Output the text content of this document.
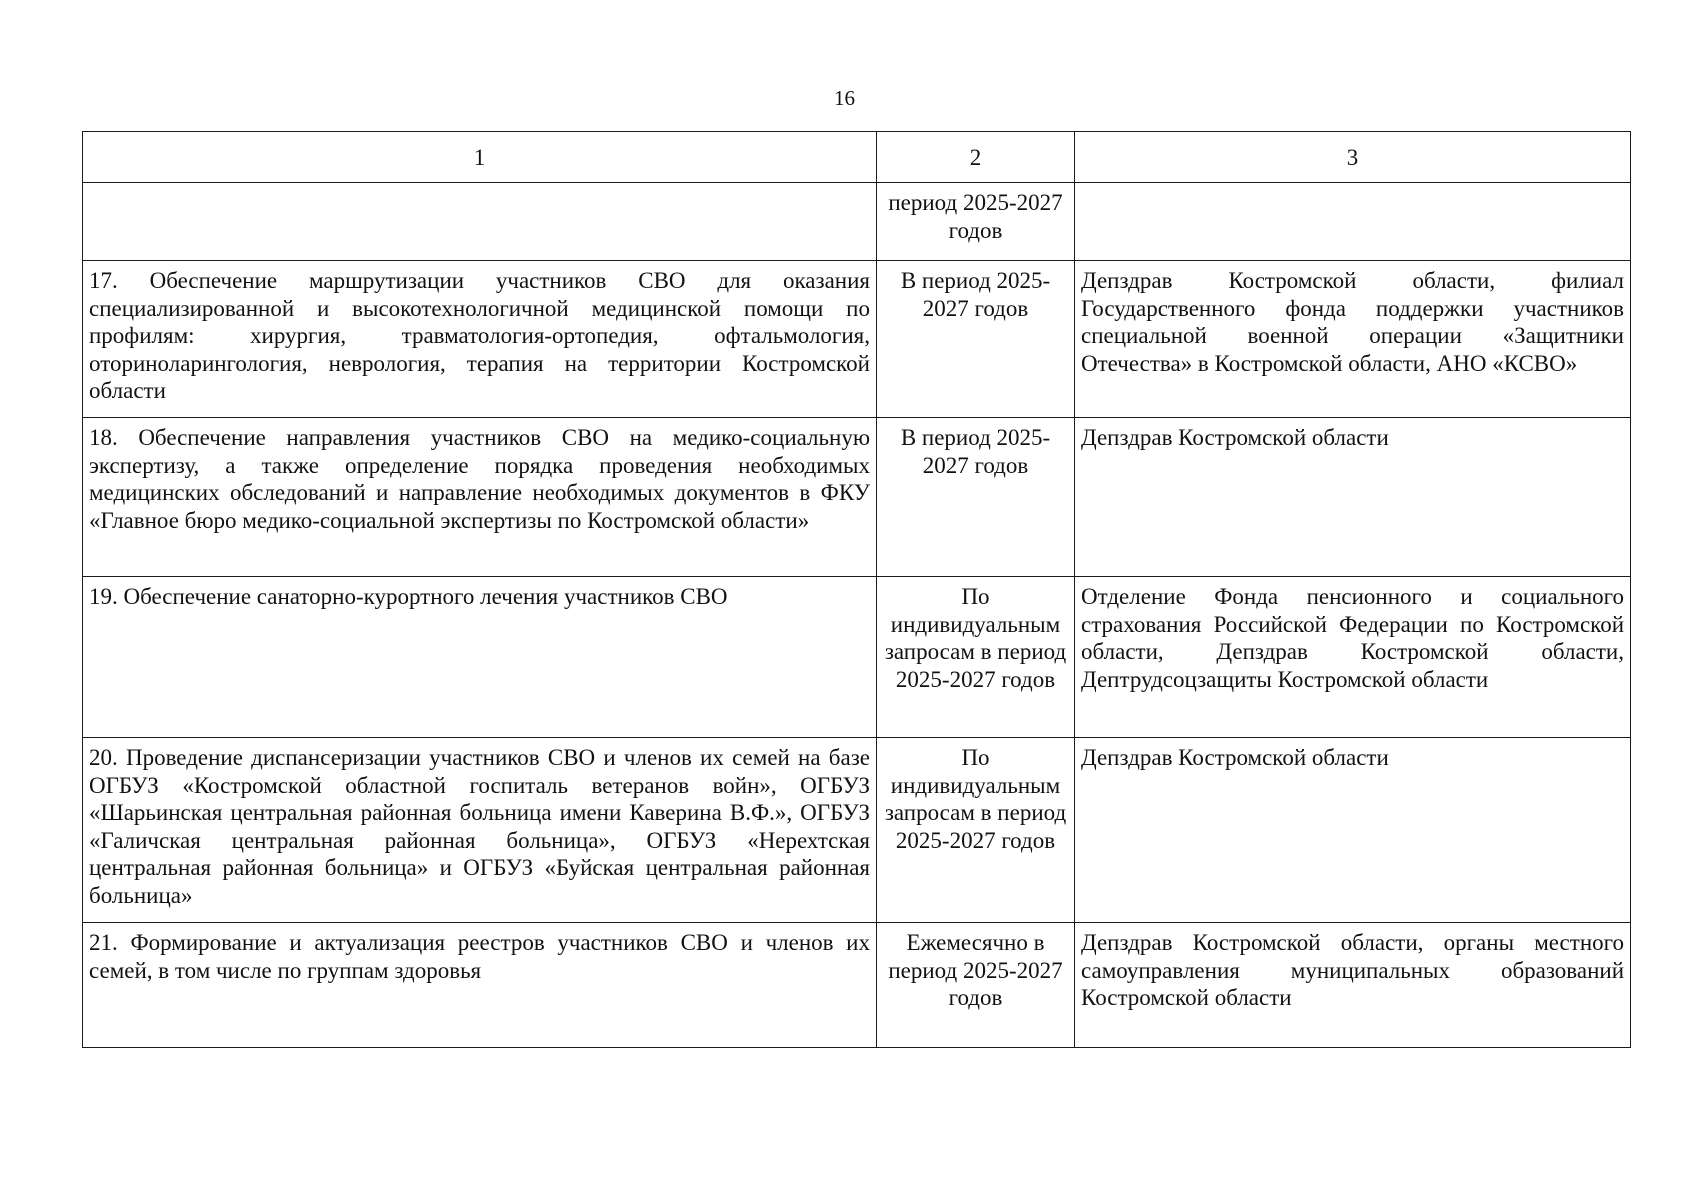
16
1	2	3
	период 2025-2027 годов	
17. Обеспечение маршрутизации участников СВО для оказания специализированной и высокотехнологичной медицинской помощи по профилям: хирургия, травматология-ортопедия, офтальмология, оториноларингология, неврология, терапия на территории Костромской области	В период 2025-2027 годов	Депздрав Костромской области, филиал Государственного фонда поддержки участников специальной военной операции «Защитники Отечества» в Костромской области, АНО «КСВО»
18. Обеспечение направления участников СВО на медико-социальную экспертизу, а также определение порядка проведения необходимых медицинских обследований и направление необходимых документов в ФКУ «Главное бюро медико-социальной экспертизы по Костромской области»	В период 2025-2027 годов	Депздрав Костромской области
19. Обеспечение санаторно-курортного лечения участников СВО	По индивидуальным запросам в период 2025-2027 годов	Отделение Фонда пенсионного и социального страхования Российской Федерации по Костромской области, Депздрав Костромской области, Дептрудсоцзащиты Костромской области
20. Проведение диспансеризации участников СВО и членов их семей на базе ОГБУЗ «Костромской областной госпиталь ветеранов войн», ОГБУЗ «Шарьинская центральная районная больница имени Каверина В.Ф.», ОГБУЗ «Галичская центральная районная больница», ОГБУЗ «Нерехтская центральная районная больница» и ОГБУЗ «Буйская центральная районная больница»	По индивидуальным запросам в период 2025-2027 годов	Депздрав Костромской области
21. Формирование и актуализация реестров участников СВО и членов их семей, в том числе по группам здоровья	Ежемесячно в период 2025-2027 годов	Депздрав Костромской области, органы местного самоуправления муниципальных образований Костромской области
